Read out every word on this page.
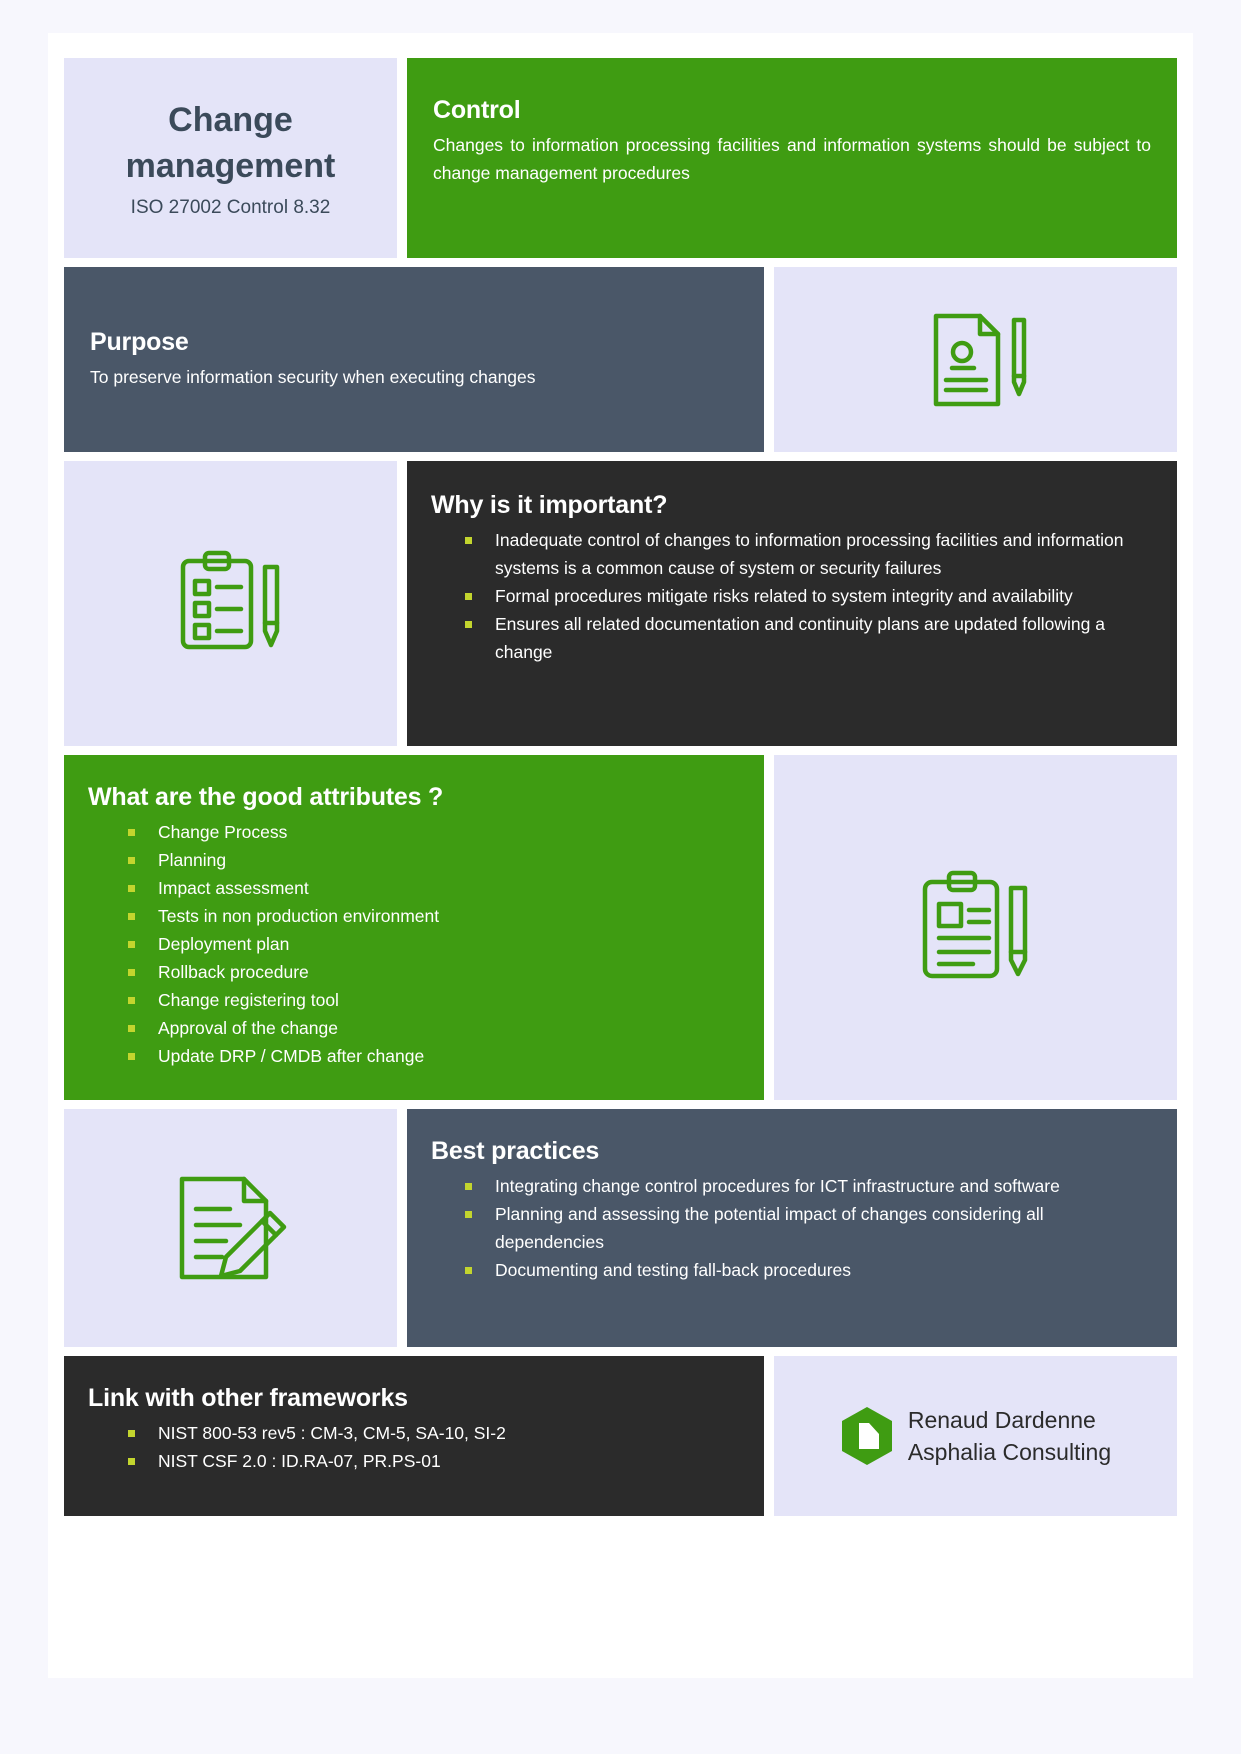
Change management
ISO 27002 Control 8.32
Control

Changes to information processing facilities and information systems should be subject to change management procedures

Purpose

To preserve information security when executing changes

Why is it important?
Inadequate control of changes to information processing facilities and information systems is a common cause of system or security failures
Formal procedures mitigate risks related to system integrity and availability
Ensures all related documentation and continuity plans are updated following a change
What are the good attributes ?
Change Process
Planning
Impact assessment
Tests in non production environment
Deployment plan
Rollback procedure
Change registering tool
Approval of the change
Update DRP / CMDB after change
Best practices
Integrating change control procedures for ICT infrastructure and software
Planning and assessing the potential impact of changes considering all dependencies
Documenting and testing fall-back procedures
Link with other frameworks
NIST 800-53 rev5 : CM-3, CM-5, SA-10, SI-2
NIST CSF 2.0 : ID.RA-07, PR.PS-01
Renaud Dardenne
Asphalia Consulting
